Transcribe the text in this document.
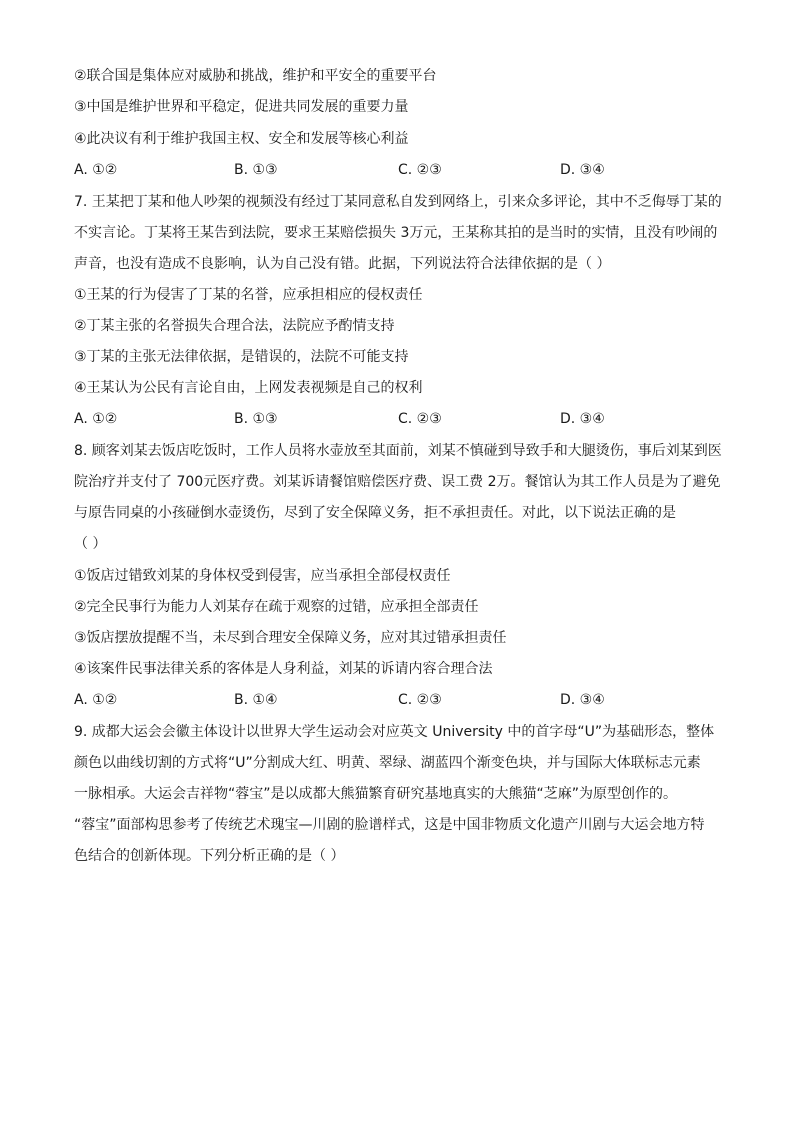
②联合国是集体应对威胁和挑战，维护和平安全的重要平台
③中国是维护世界和平稳定，促进共同发展的重要力量
④此决议有利于维护我国主权、安全和发展等核心利益
A. ①②	B. ①③	C. ②③	D. ③④
7. 王某把丁某和他人吵架的视频没有经过丁某同意私自发到网络上，引来众多评论，其中不乏侮辱丁某的
不实言论。丁某将王某告到法院，要求王某赔偿损失 3万元，王某称其拍的是当时的实情，且没有吵闹的
声音，也没有造成不良影响，认为自己没有错。此据，下列说法符合法律依据的是（ ）
①王某的行为侵害了丁某的名誉，应承担相应的侵权责任
②丁某主张的名誉损失合理合法，法院应予酌情支持
③丁某的主张无法律依据，是错误的，法院不可能支持
④王某认为公民有言论自由，上网发表视频是自己的权利
A. ①②	B. ①③	C. ②③	D. ③④
8. 顾客刘某去饭店吃饭时，工作人员将水壶放至其面前，刘某不慎碰到导致手和大腿烫伤，事后刘某到医
院治疗并支付了 700元医疗费。刘某诉请餐馆赔偿医疗费、误工费 2万。餐馆认为其工作人员是为了避免
与原告同桌的小孩碰倒水壶烫伤，尽到了安全保障义务，拒不承担责任。对此，以下说法正确的是
（ ）
①饭店过错致刘某的身体权受到侵害，应当承担全部侵权责任
②完全民事行为能力人刘某存在疏于观察的过错，应承担全部责任
③饭店摆放提醒不当，未尽到合理安全保障义务，应对其过错承担责任
④该案件民事法律关系的客体是人身利益，刘某的诉请内容合理合法
A. ①②	B. ①④	C. ②③	D. ③④
9. 成都大运会会徽主体设计以世界大学生运动会对应英文 University 中的首字母“U”为基础形态，整体
颜色以曲线切割的方式将“U”分割成大红、明黄、翠绿、湖蓝四个渐变色块，并与国际大体联标志元素
一脉相承。大运会吉祥物“蓉宝”是以成都大熊猫繁育研究基地真实的大熊猫“芝麻”为原型创作的。
“蓉宝”面部构思参考了传统艺术瑰宝—川剧的脸谱样式，这是中国非物质文化遗产川剧与大运会地方特
色结合的创新体现。下列分析正确的是（ ）
